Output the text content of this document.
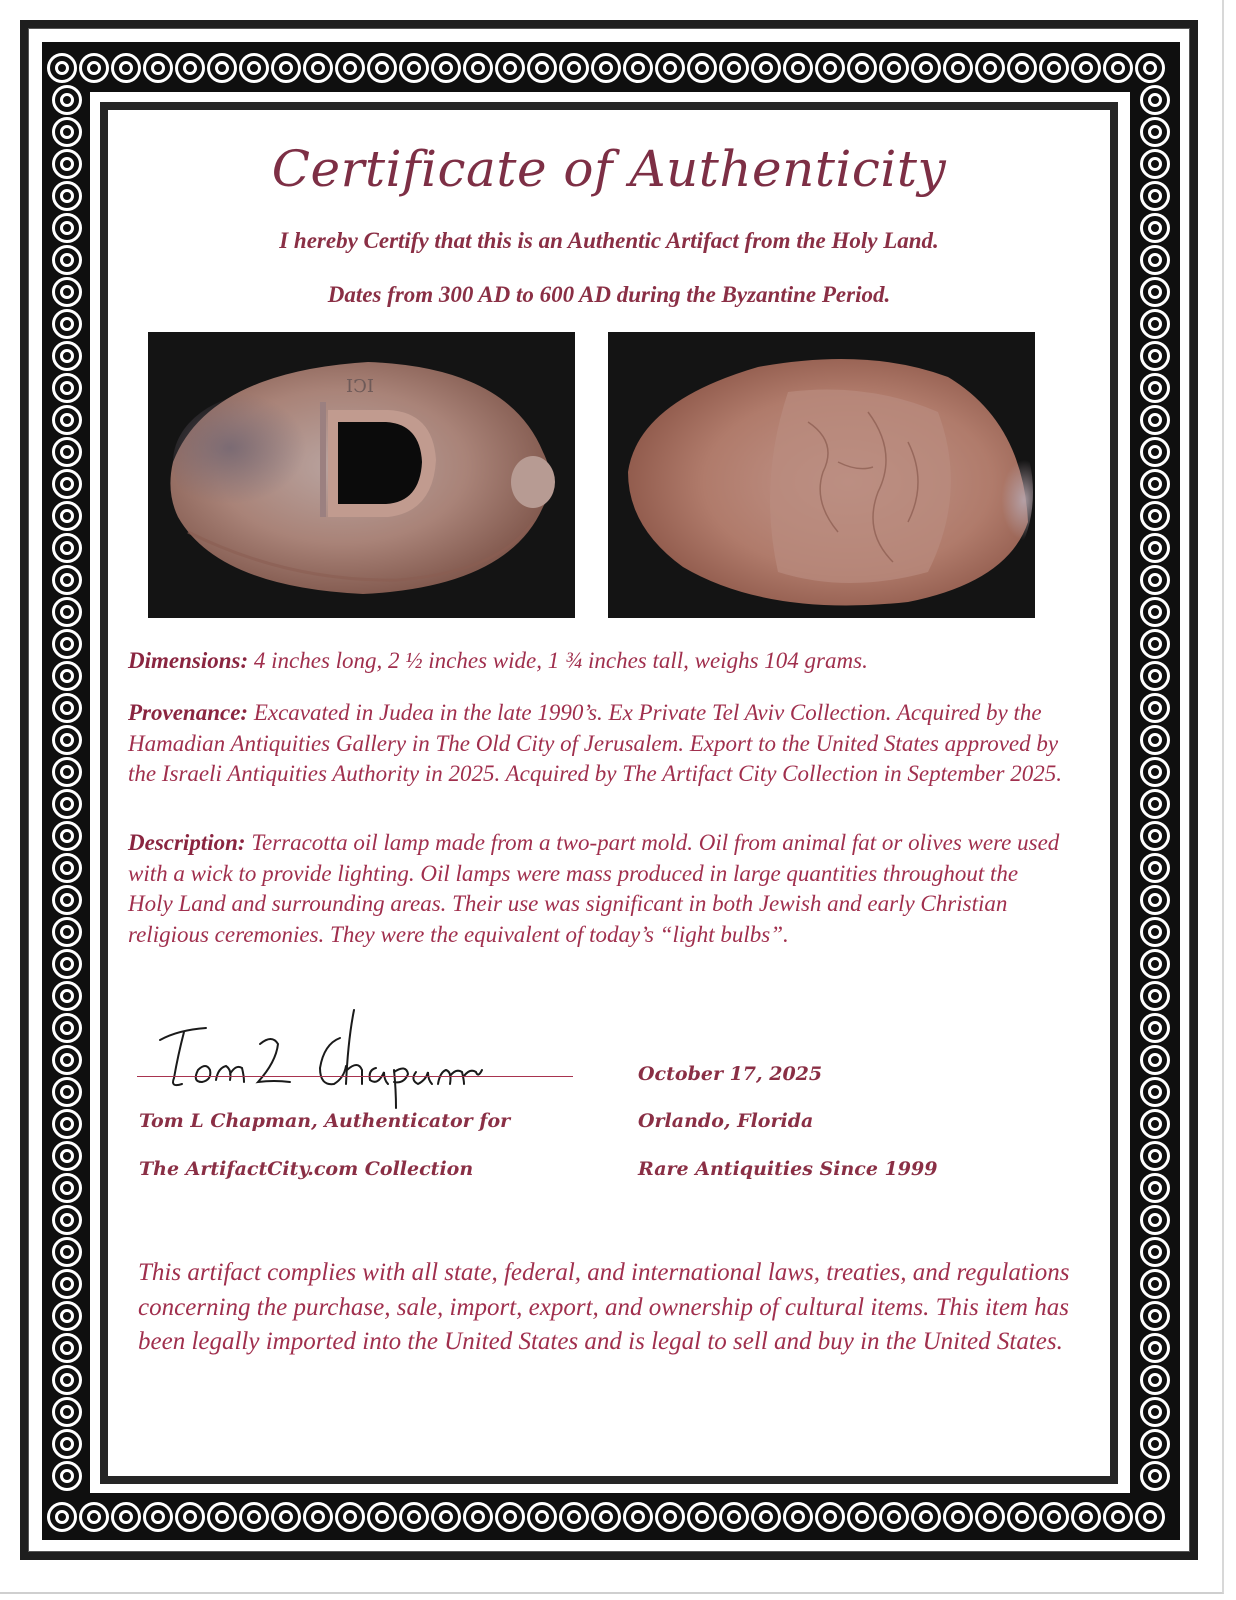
Certificate of Authenticity
I hereby Certify that this is an Authentic Artifact from the Holy Land.
Dates from 300 AD to 600 AD during the Byzantine Period.
ΙϽΙ
Dimensions: 4 inches long, 2 ½ inches wide, 1 ¾ inches tall, weighs 104 grams.
Provenance: Excavated in Judea in the late 1990’s. Ex Private Tel Aviv Collection. Acquired by the Hamadian Antiquities Gallery in The Old City of Jerusalem. Export to the United States approved by the Israeli Antiquities Authority in 2025. Acquired by The Artifact City Collection in September 2025.
Description: Terracotta oil lamp made from a two-part mold. Oil from animal fat or olives were used with a wick to provide lighting. Oil lamps were mass produced in large quantities throughout the Holy Land and surrounding areas. Their use was significant in both Jewish and early Christian religious ceremonies. They were the equivalent of today’s “light bulbs”.
Tom L Chapman, Authenticator for
The ArtifactCity.com Collection
October 17, 2025
Orlando, Florida
Rare Antiquities Since 1999
This artifact complies with all state, federal, and international laws, treaties, and regulations concerning the purchase, sale, import, export, and ownership of cultural items. This item has been legally imported into the United States and is legal to sell and buy in the United States.
